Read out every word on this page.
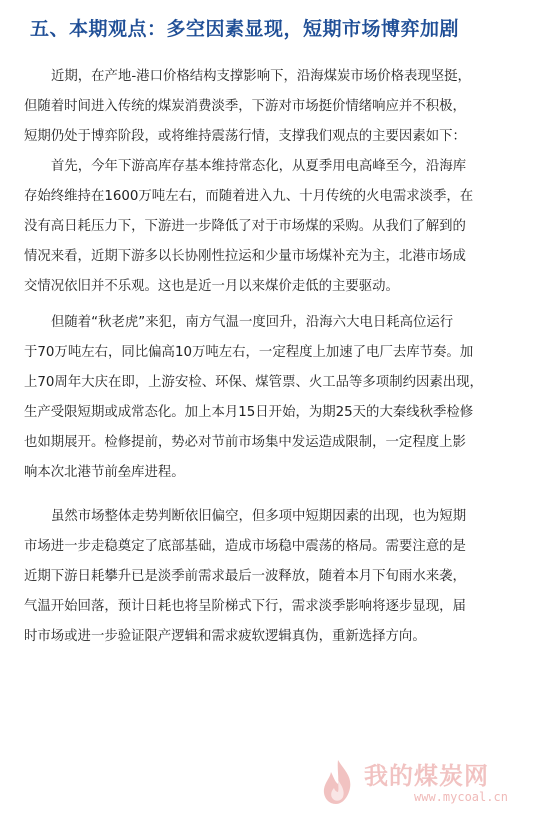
五、本期观点：多空因素显现，短期市场博弈加剧
近期，在产地-港口价格结构支撑影响下，沿海煤炭市场价格表现坚挺，
但随着时间进入传统的煤炭消费淡季，下游对市场挺价情绪响应并不积极，
短期仍处于博弈阶段，或将维持震荡行情，支撑我们观点的主要因素如下：
首先，今年下游高库存基本维持常态化，从夏季用电高峰至今，沿海库
存始终维持在1600万吨左右，而随着进入九、十月传统的火电需求淡季，在
没有高日耗压力下，下游进一步降低了对于市场煤的采购。从我们了解到的
情况来看，近期下游多以长协刚性拉运和少量市场煤补充为主，北港市场成
交情况依旧并不乐观。这也是近一月以来煤价走低的主要驱动。
但随着“秋老虎”来犯，南方气温一度回升，沿海六大电日耗高位运行
于70万吨左右，同比偏高10万吨左右，一定程度上加速了电厂去库节奏。加
上70周年大庆在即，上游安检、环保、煤管票、火工品等多项制约因素出现，
生产受限短期或成常态化。加上本月15日开始，为期25天的大秦线秋季检修
也如期展开。检修提前，势必对节前市场集中发运造成限制，一定程度上影
响本次北港节前垒库进程。
虽然市场整体走势判断依旧偏空，但多项中短期因素的出现，也为短期
市场进一步走稳奠定了底部基础，造成市场稳中震荡的格局。需要注意的是
近期下游日耗攀升已是淡季前需求最后一波释放，随着本月下旬雨水来袭，
气温开始回落，预计日耗也将呈阶梯式下行，需求淡季影响将逐步显现，届
时市场或进一步验证限产逻辑和需求疲软逻辑真伪，重新选择方向。
我的煤炭网
www.mycoal.cn
